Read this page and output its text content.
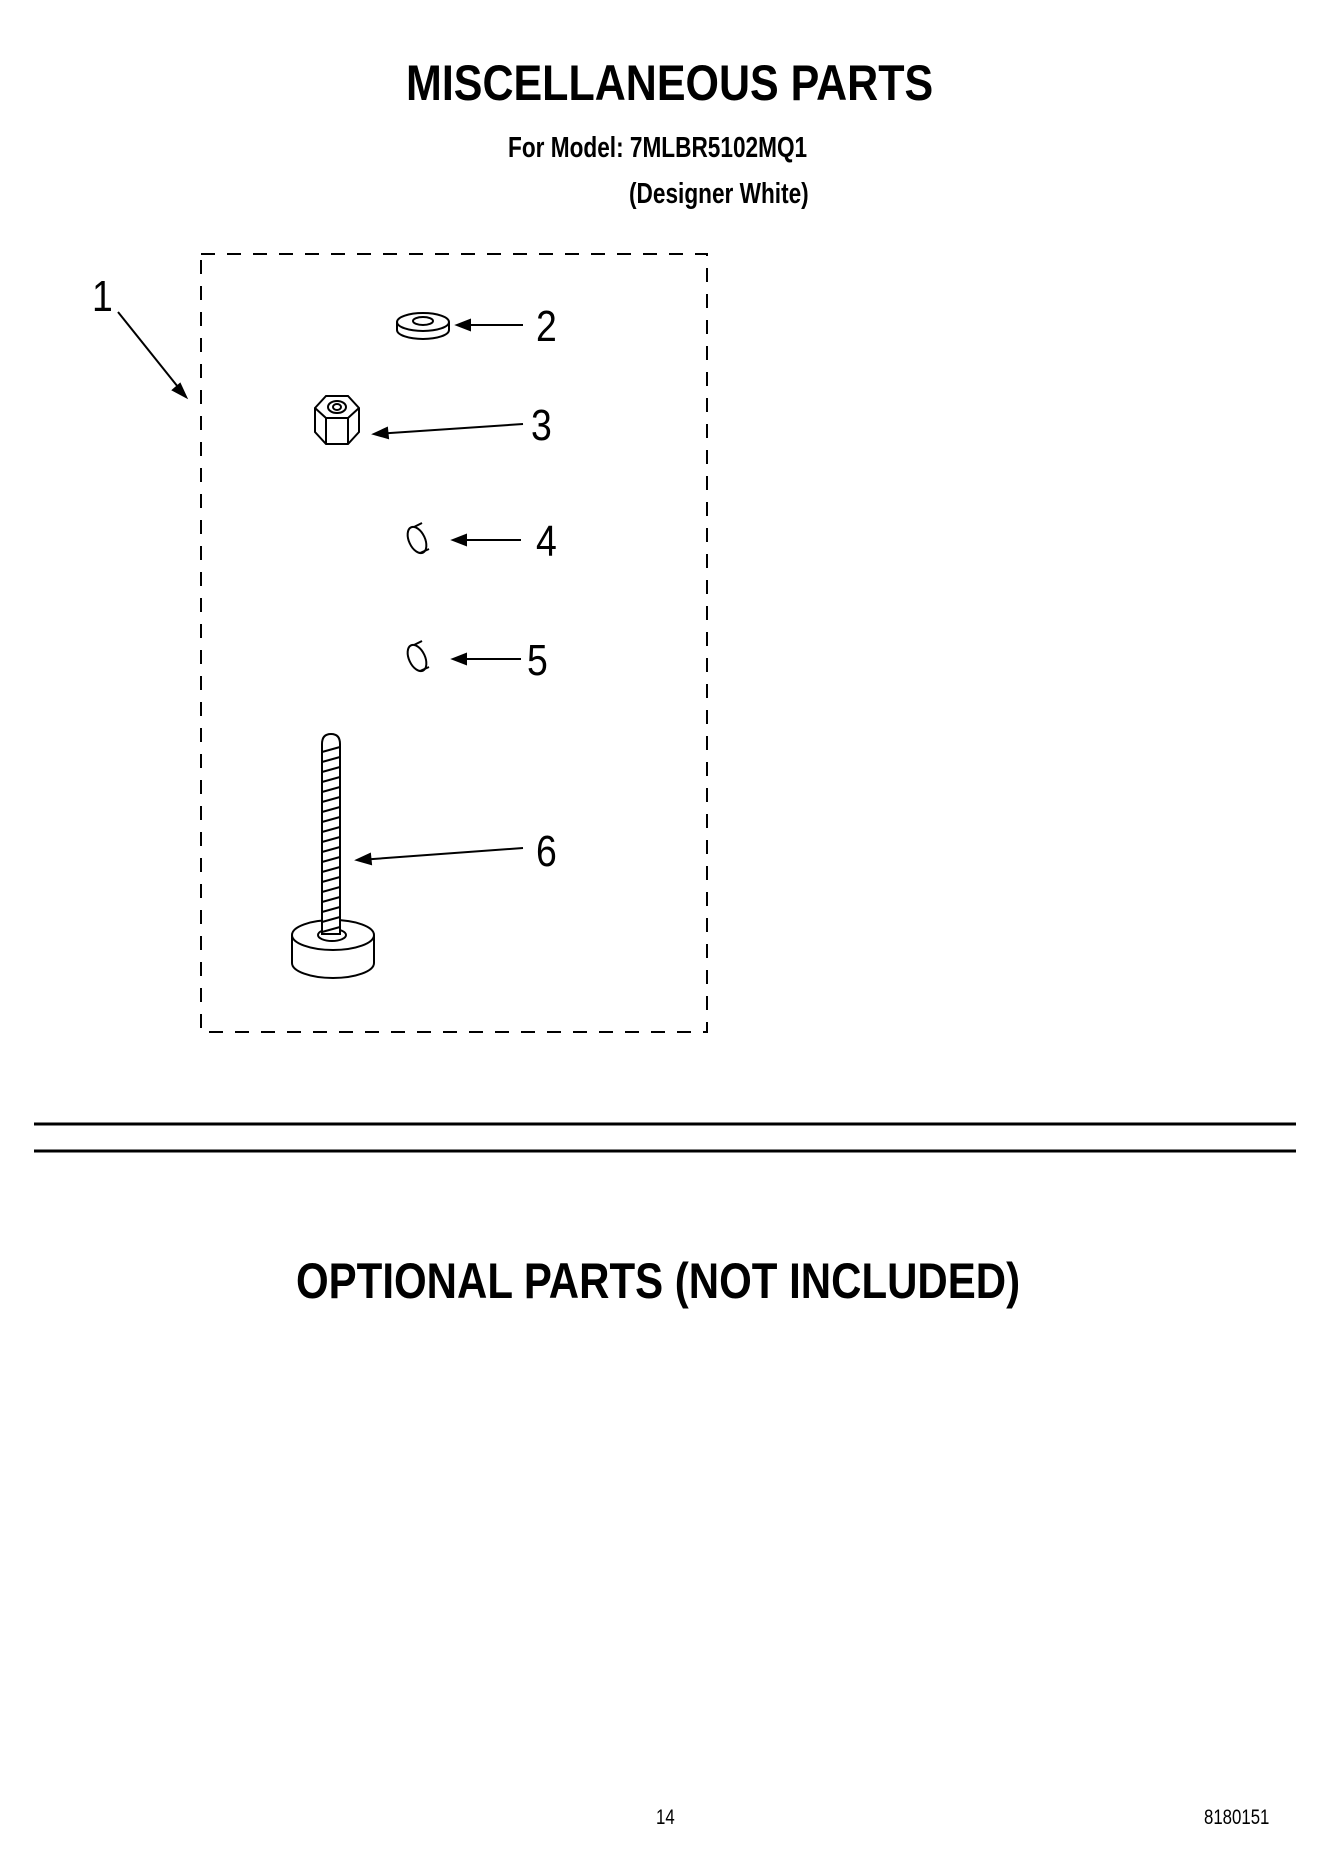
MISCELLANEOUS PARTS
For Model: 7MLBR5102MQ1
(Designer White)
1
2
3
4
5
6
OPTIONAL PARTS (NOT INCLUDED)
14	8180151
